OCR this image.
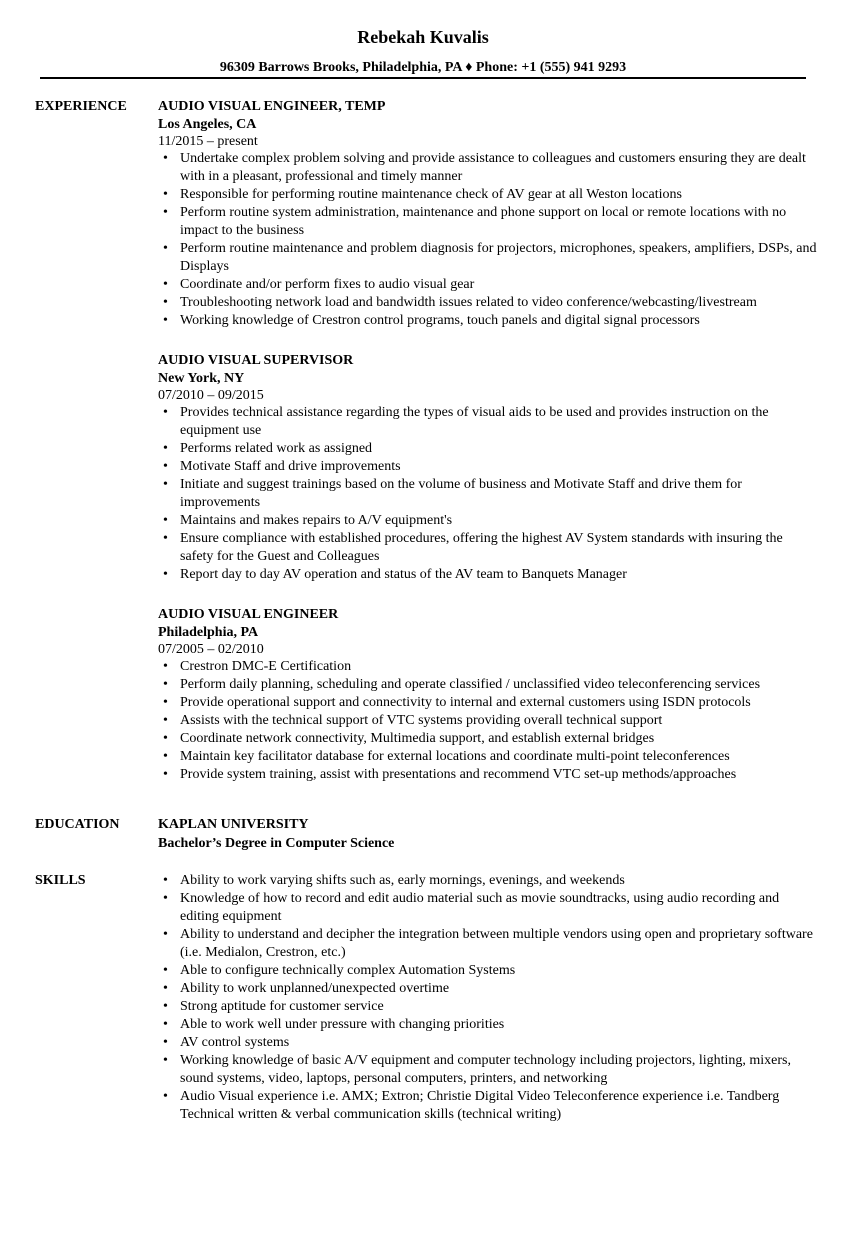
Rebekah Kuvalis
96309 Barrows Brooks, Philadelphia, PA ♦ Phone: +1 (555) 941 9293
EXPERIENCE AUDIO VISUAL ENGINEER, TEMP
Los Angeles, CA
11/2015 – present
• Undertake complex problem solving and provide assistance to colleagues and customers ensuring they are dealt with in a pleasant, professional and timely manner
• Responsible for performing routine maintenance check of AV gear at all Weston locations
• Perform routine system administration, maintenance and phone support on local or remote locations with no impact to the business
• Perform routine maintenance and problem diagnosis for projectors, microphones, speakers, amplifiers, DSPs, and Displays
• Coordinate and/or perform fixes to audio visual gear
• Troubleshooting network load and bandwidth issues related to video conference/webcasting/livestream
• Working knowledge of Crestron control programs, touch panels and digital signal processors
AUDIO VISUAL SUPERVISOR
New York, NY
07/2010 – 09/2015
• Provides technical assistance regarding the types of visual aids to be used and provides instruction on the equipment use
• Performs related work as assigned
• Motivate Staff and drive improvements
• Initiate and suggest trainings based on the volume of business and Motivate Staff and drive them for improvements
• Maintains and makes repairs to A/V equipment's
• Ensure compliance with established procedures, offering the highest AV System standards with insuring the safety for the Guest and Colleagues
• Report day to day AV operation and status of the AV team to Banquets Manager
AUDIO VISUAL ENGINEER
Philadelphia, PA
07/2005 – 02/2010
• Crestron DMC-E Certification
• Perform daily planning, scheduling and operate classified / unclassified video teleconferencing services
• Provide operational support and connectivity to internal and external customers using ISDN protocols
• Assists with the technical support of VTC systems providing overall technical support
• Coordinate network connectivity, Multimedia support, and establish external bridges
• Maintain key facilitator database for external locations and coordinate multi-point teleconferences
• Provide system training, assist with presentations and recommend VTC set-up methods/approaches
EDUCATION	KAPLAN UNIVERSITY
Bachelor’s Degree in Computer Science
SKILLS	• Ability to work varying shifts such as, early mornings, evenings, and weekends
• Knowledge of how to record and edit audio material such as movie soundtracks, using audio recording and editing equipment
• Ability to understand and decipher the integration between multiple vendors using open and proprietary software (i.e. Medialon, Crestron, etc.)
• Able to configure technically complex Automation Systems
• Ability to work unplanned/unexpected overtime
• Strong aptitude for customer service
• Able to work well under pressure with changing priorities
• AV control systems
• Working knowledge of basic A/V equipment and computer technology including projectors, lighting, mixers, sound systems, video, laptops, personal computers, printers, and networking
• Audio Visual experience i.e. AMX; Extron; Christie Digital Video Teleconference experience i.e. Tandberg Technical written & verbal communication skills (technical writing)
